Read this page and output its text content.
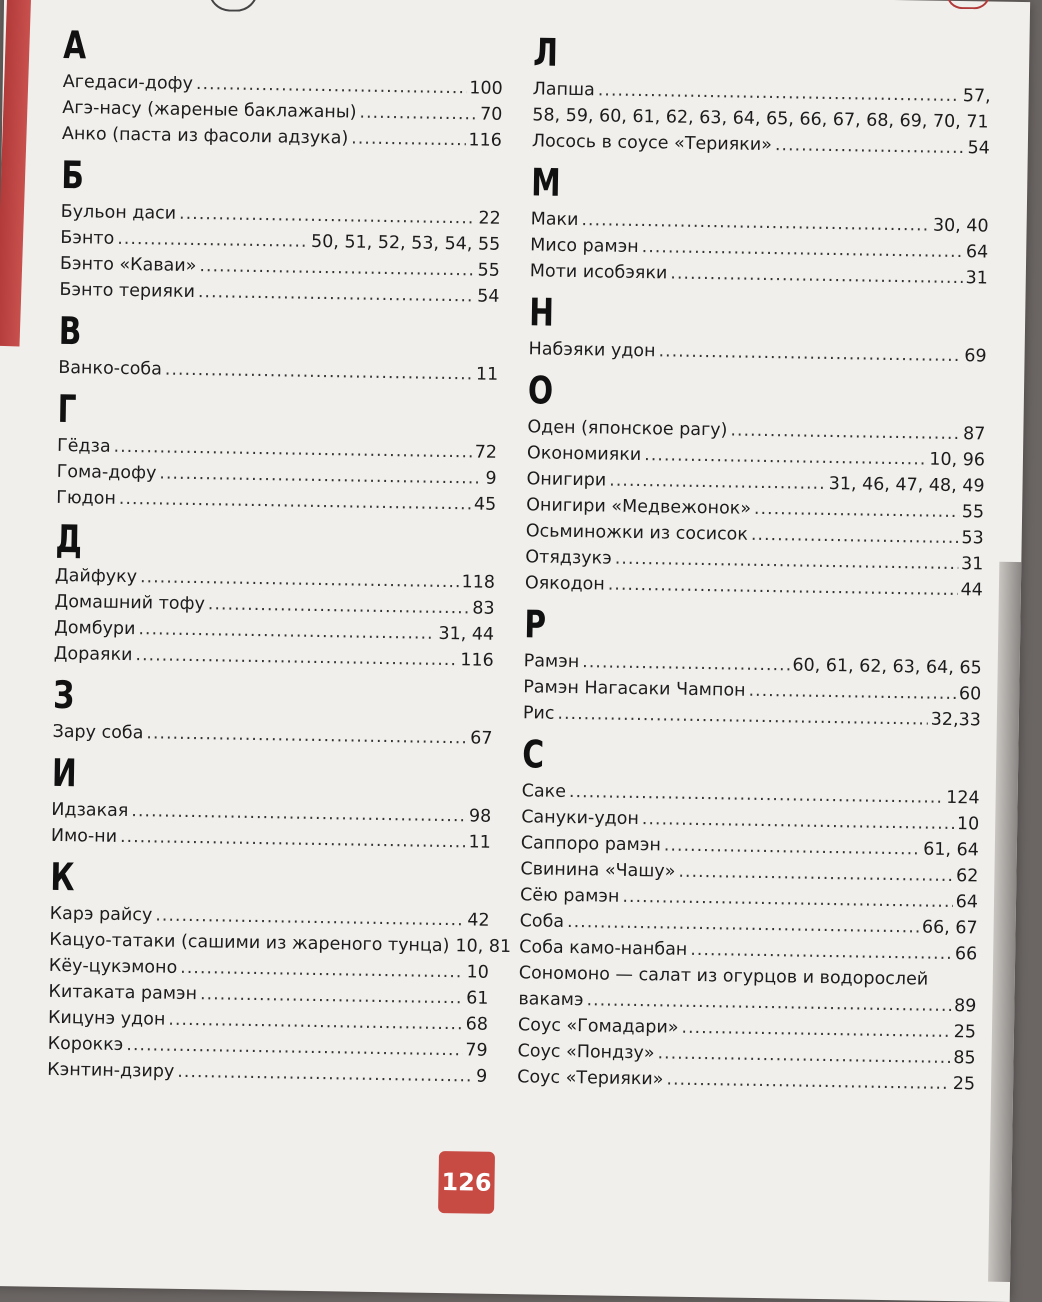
А
Агедаси-дофу .....	100
Агэ-насу (жареные баклажаны) .....	70
Анко (паста из фасоли адзука) .....	116
Б
Бульон даси .....	22
Бэнто .....	50, 51, 52, 53, 54, 55
Бэнто «Каваи» .....	55
Бэнто терияки .....	54
В
Ванко-соба .....	11
Г
Гёдза .....	72
Гома-дофу .....	9
Гюдон .....	45
Д
Дайфуку .....	118
Домашний тофу .....	83
Домбури .....	31, 44
Дораяки .....	116
З
Зару соба .....	67
И
Идзакая .....	98
Имо-ни .....	11
К
Карэ райсу .....	42
Кацуо-татаки (сашими из жареного тунца) ..... 10, 81
Кёу-цукэмоно .....	10
Китаката рамэн .....	61
Кицунэ удон .....	68
Короккэ .....	79
Кэнтин-дзиру .....	9
Л
Лапша .....	57,
58, 59, 60, 61, 62, 63, 64, 65, 66, 67, 68, 69, 70, 71
Лосось в соусе «Терияки» .....	54
М
Маки .....	30, 40
Мисо рамэн .....	64
Моти исобэяки .....	31
Н
Набэяки удон .....	69
О
Оден (японское рагу) .....	87
Окономияки .....	10, 96
Онигири .....	31, 46, 47, 48, 49
Онигири «Медвежонок» .....	55
Осьминожки из сосисок .....	53
Отядзукэ .....	31
Оякодон .....	44
Р
Рамэн .....	60, 61, 62, 63, 64, 65
Рамэн Нагасаки Чампон .....	60
Рис .....	32,33
С
Саке .....	124
Сануки-удон .....	10
Саппоро рамэн .....	61, 64
Свинина «Чашу» .....	62
Сёю рамэн .....	64
Соба .....	66, 67
Соба камо-нанбан .....	66
Сономоно — салат из огурцов и водорослей
вакамэ .....	89
Соус «Гомадари» .....	25
Соус «Пондзу» .....	85
Соус «Терияки» .....	25
126
